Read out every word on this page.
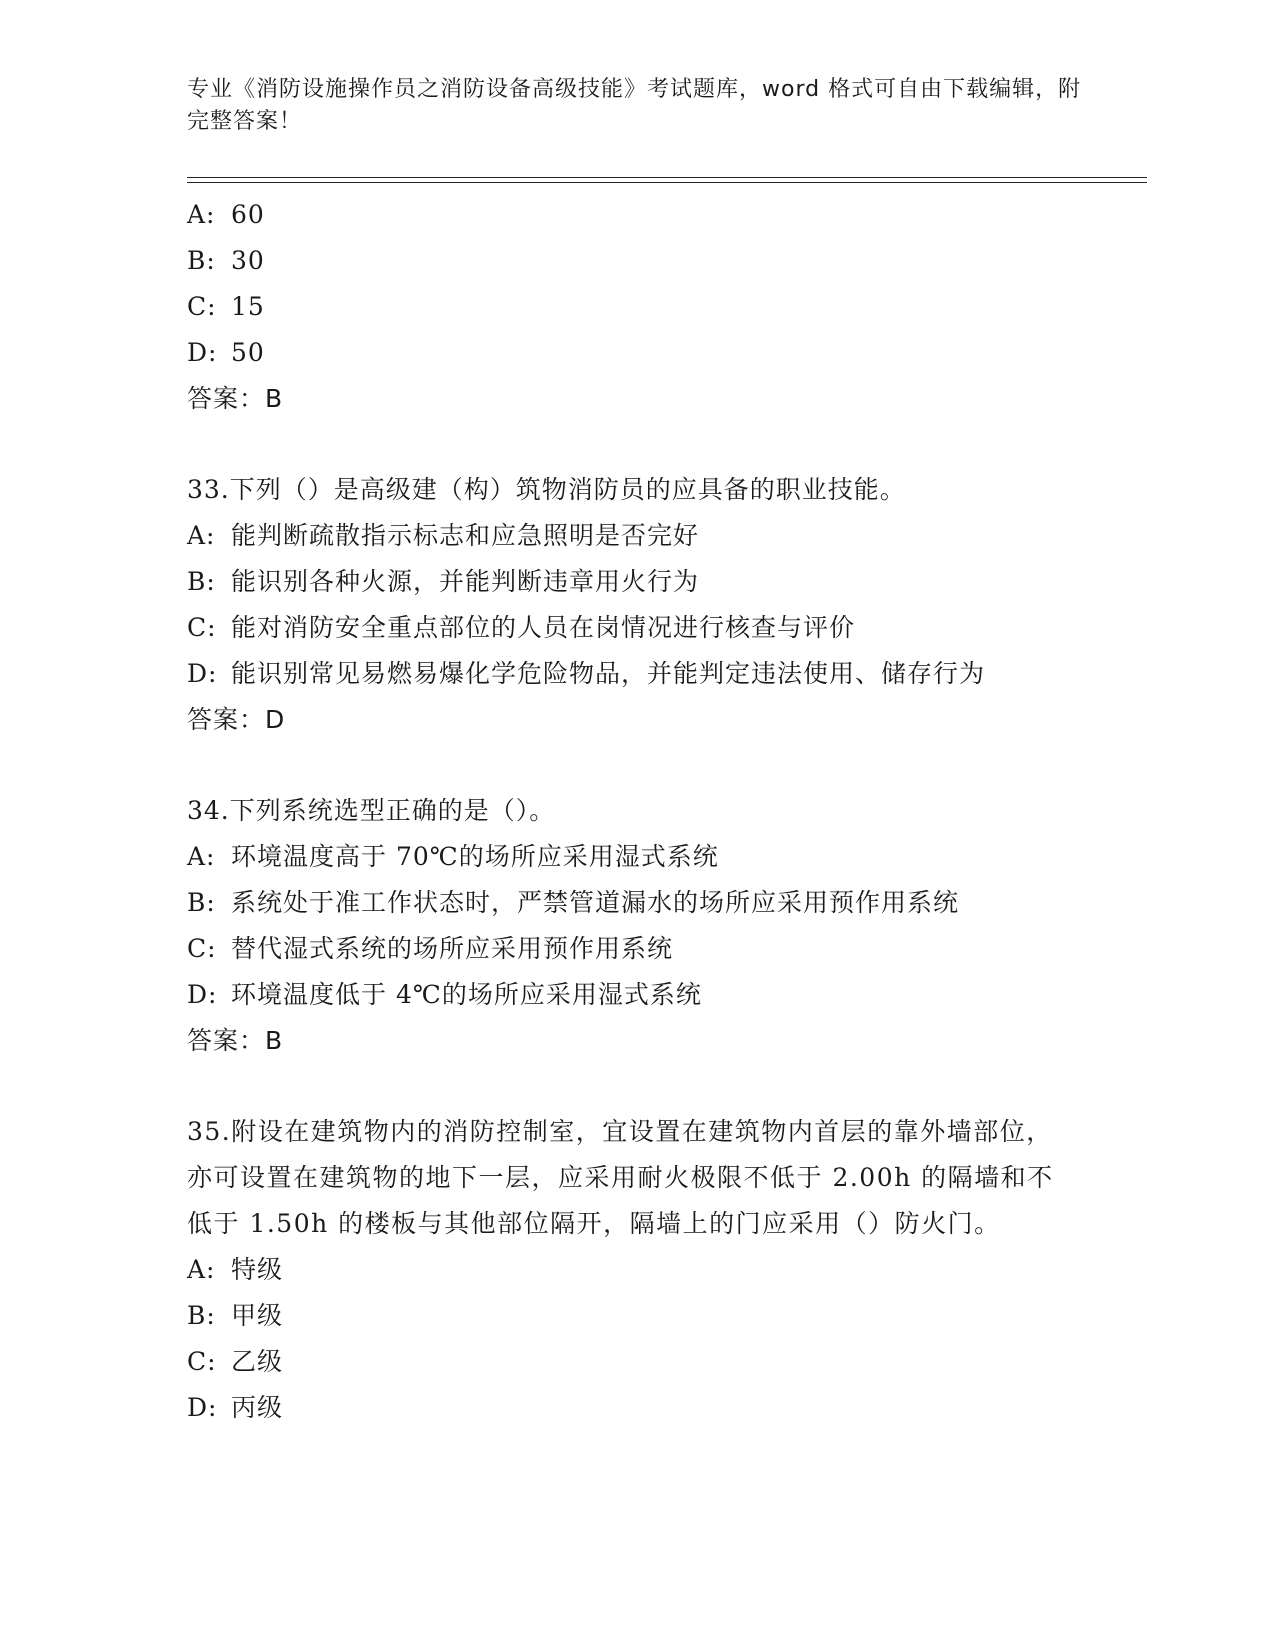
专业《消防设施操作员之消防设备高级技能》考试题库，word 格式可自由下载编辑，附完整答案！
A: 60
B: 30
C: 15
D: 50
答案：B
33.下列（）是高级建（构）筑物消防员的应具备的职业技能。
A: 能判断疏散指示标志和应急照明是否完好
B: 能识别各种火源，并能判断违章用火行为
C: 能对消防安全重点部位的人员在岗情况进行核查与评价
D: 能识别常见易燃易爆化学危险物品，并能判定违法使用、储存行为
答案：D
34.下列系统选型正确的是（）。
A: 环境温度高于 70℃的场所应采用湿式系统
B: 系统处于准工作状态时，严禁管道漏水的场所应采用预作用系统
C: 替代湿式系统的场所应采用预作用系统
D: 环境温度低于 4℃的场所应采用湿式系统
答案：B
35.附设在建筑物内的消防控制室，宜设置在建筑物内首层的靠外墙部位，亦可设置在建筑物的地下一层，应采用耐火极限不低于 2.00h 的隔墙和不低于 1.50h 的楼板与其他部位隔开，隔墙上的门应采用（）防火门。
A: 特级
B: 甲级
C: 乙级
D: 丙级
